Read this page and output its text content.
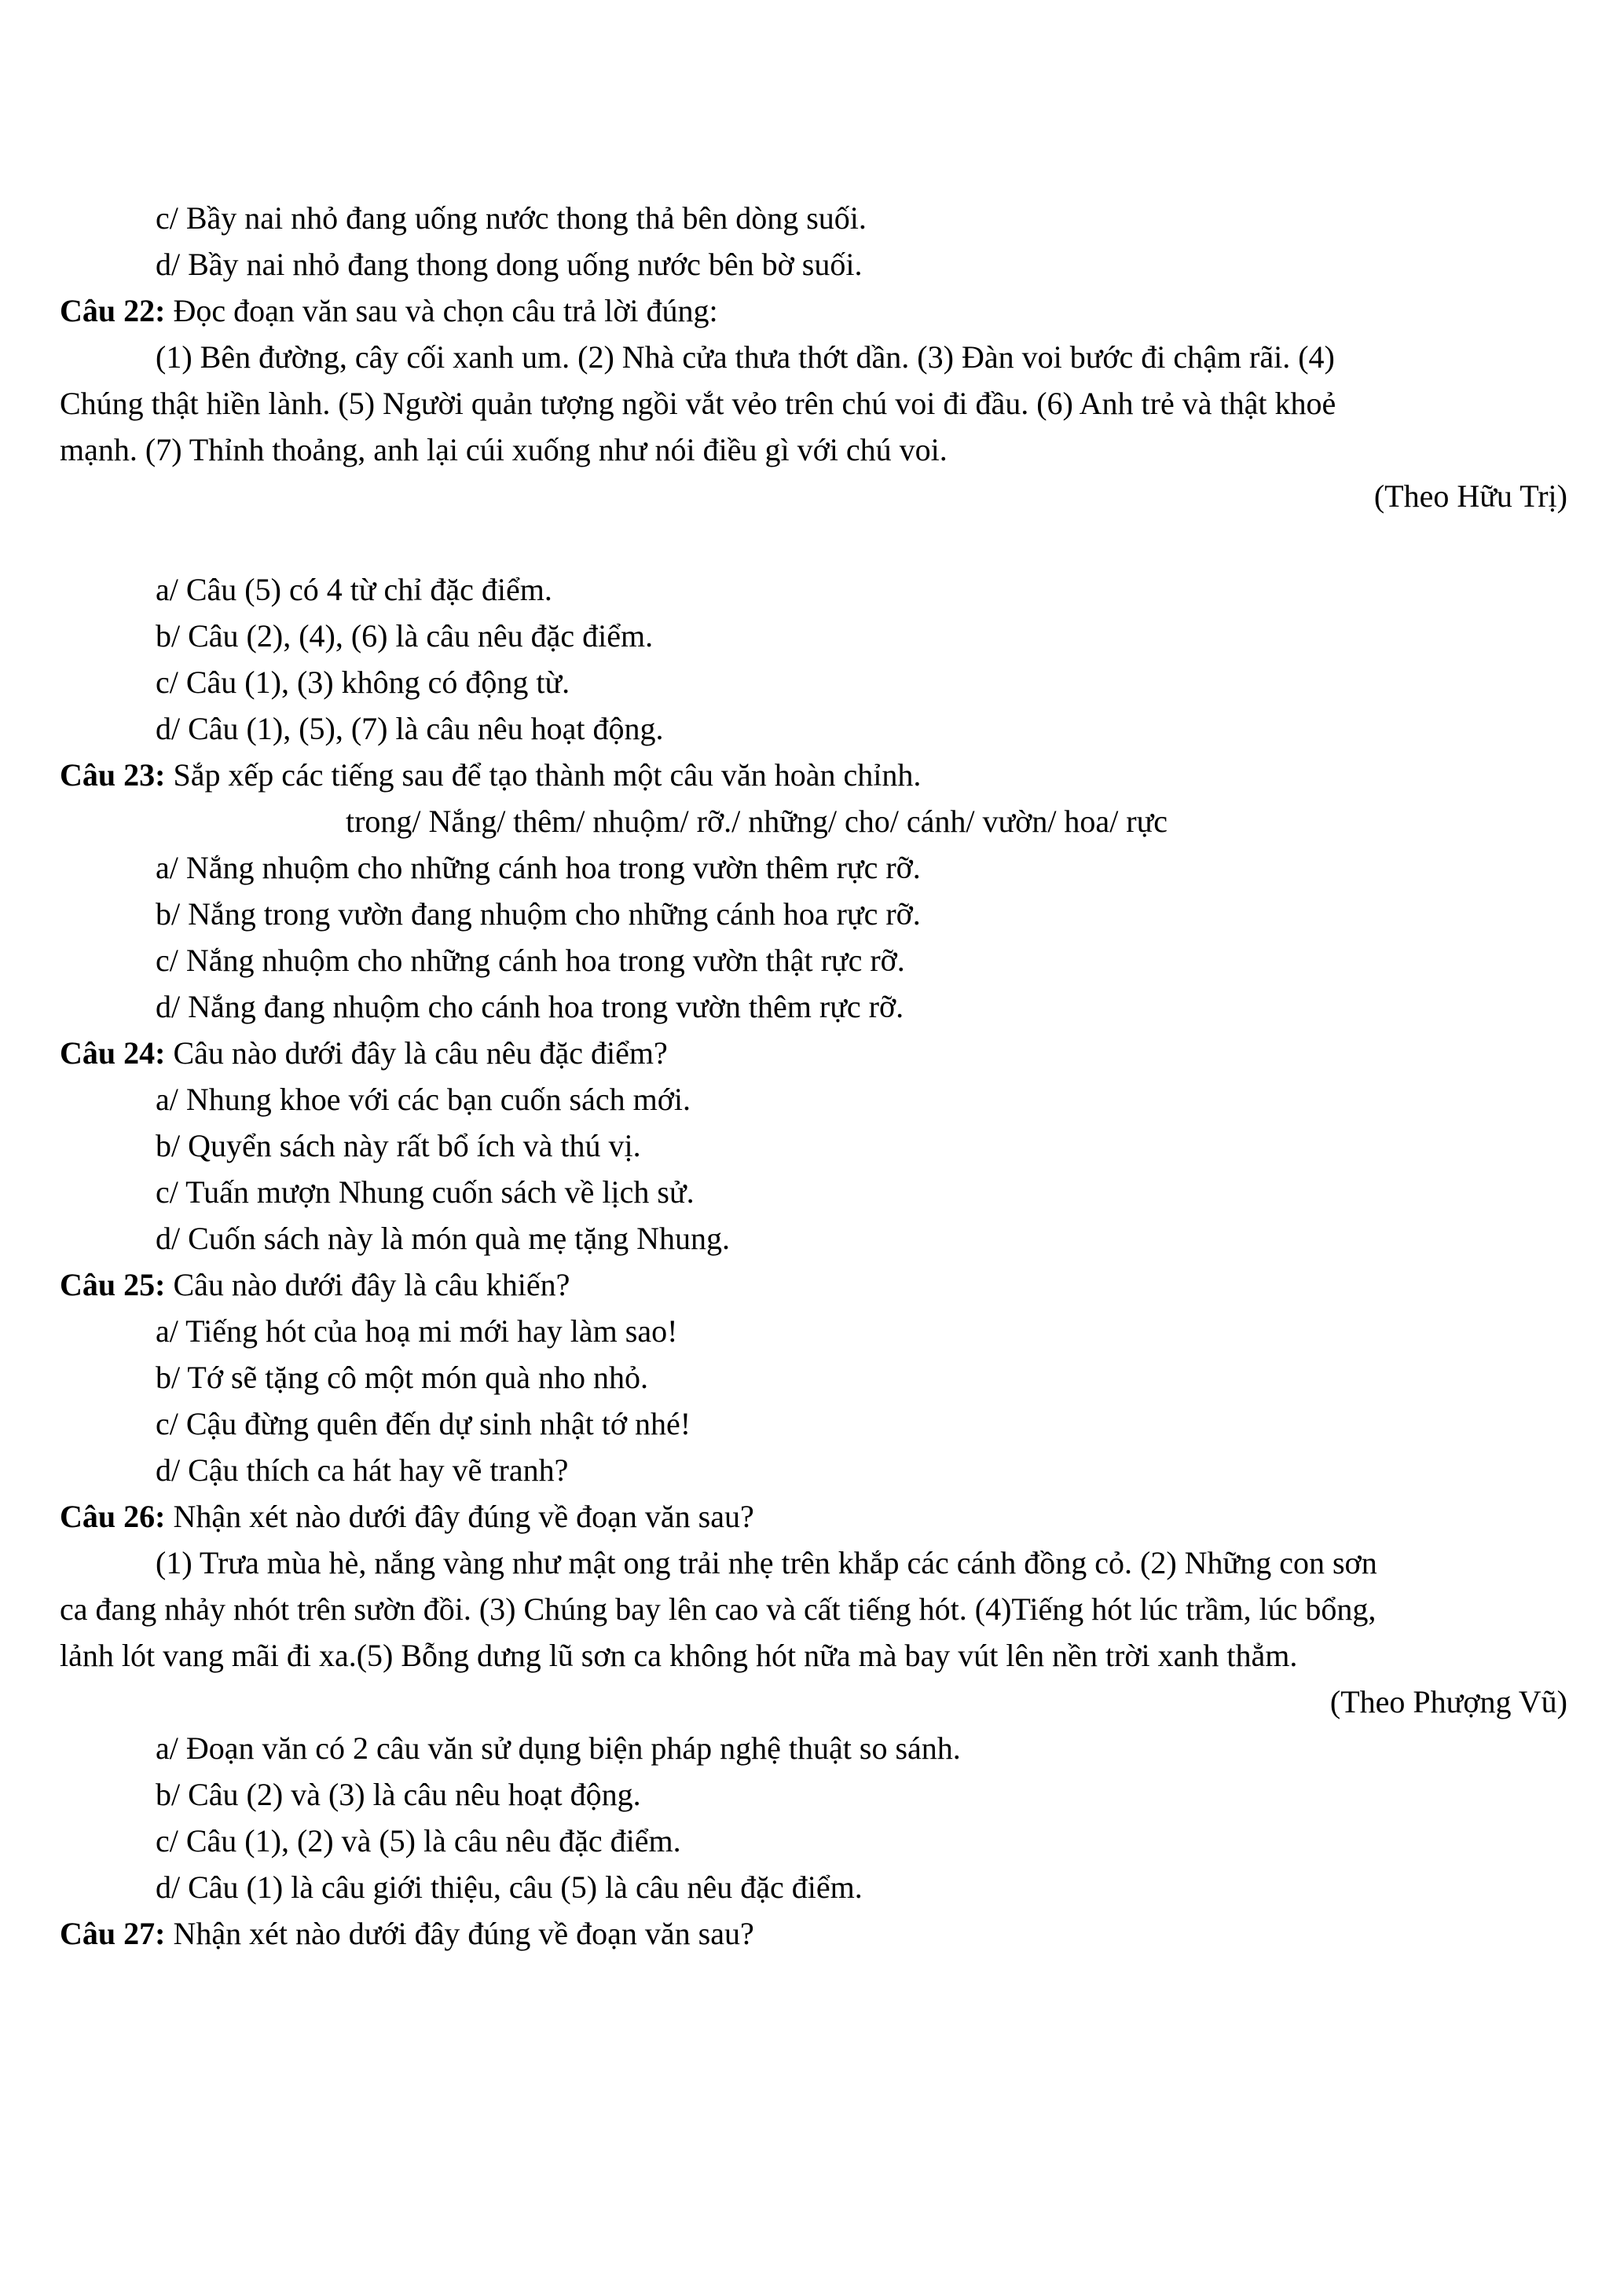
c/ Bầy nai nhỏ đang uống nước thong thả bên dòng suối.
d/ Bầy nai nhỏ đang thong dong uống nước bên bờ suối.
Câu 22: Đọc đoạn văn sau và chọn câu trả lời đúng:
(1) Bên đường, cây cối xanh um. (2) Nhà cửa thưa thớt dần. (3) Đàn voi bước đi chậm rãi. (4)
Chúng thật hiền lành. (5) Người quản tượng ngồi vắt vẻo trên chú voi đi đầu. (6) Anh trẻ và thật khoẻ
mạnh. (7) Thỉnh thoảng, anh lại cúi xuống như nói điều gì với chú voi.
(Theo Hữu Trị)
a/ Câu (5) có 4 từ chỉ đặc điểm.
b/ Câu (2), (4), (6) là câu nêu đặc điểm.
c/ Câu (1), (3) không có động từ.
d/ Câu (1), (5), (7) là câu nêu hoạt động.
Câu 23: Sắp xếp các tiếng sau để tạo thành một câu văn hoàn chỉnh.
trong/ Nắng/ thêm/ nhuộm/ rỡ./ những/ cho/ cánh/ vườn/ hoa/ rực
a/ Nắng nhuộm cho những cánh hoa trong vườn thêm rực rỡ.
b/ Nắng trong vườn đang nhuộm cho những cánh hoa rực rỡ.
c/ Nắng nhuộm cho những cánh hoa trong vườn thật rực rỡ.
d/ Nắng đang nhuộm cho cánh hoa trong vườn thêm rực rỡ.
Câu 24: Câu nào dưới đây là câu nêu đặc điểm?
a/ Nhung khoe với các bạn cuốn sách mới.
b/ Quyển sách này rất bổ ích và thú vị.
c/ Tuấn mượn Nhung cuốn sách về lịch sử.
d/ Cuốn sách này là món quà mẹ tặng Nhung.
Câu 25: Câu nào dưới đây là câu khiến?
a/ Tiếng hót của hoạ mi mới hay làm sao!
b/ Tớ sẽ tặng cô một món quà nho nhỏ.
c/ Cậu đừng quên đến dự sinh nhật tớ nhé!
d/ Cậu thích ca hát hay vẽ tranh?
Câu 26: Nhận xét nào dưới đây đúng về đoạn văn sau?
(1) Trưa mùa hè, nắng vàng như mật ong trải nhẹ trên khắp các cánh đồng cỏ. (2) Những con sơn
ca đang nhảy nhót trên sườn đồi. (3) Chúng bay lên cao và cất tiếng hót. (4)Tiếng hót lúc trầm, lúc bổng,
lảnh lót vang mãi đi xa.(5) Bỗng dưng lũ sơn ca không hót nữa mà bay vút lên nền trời xanh thẳm.
(Theo Phượng Vũ)
a/ Đoạn văn có 2 câu văn sử dụng biện pháp nghệ thuật so sánh.
b/ Câu (2) và (3) là câu nêu hoạt động.
c/ Câu (1), (2) và (5) là câu nêu đặc điểm.
d/ Câu (1) là câu giới thiệu, câu (5) là câu nêu đặc điểm.
Câu 27: Nhận xét nào dưới đây đúng về đoạn văn sau?
